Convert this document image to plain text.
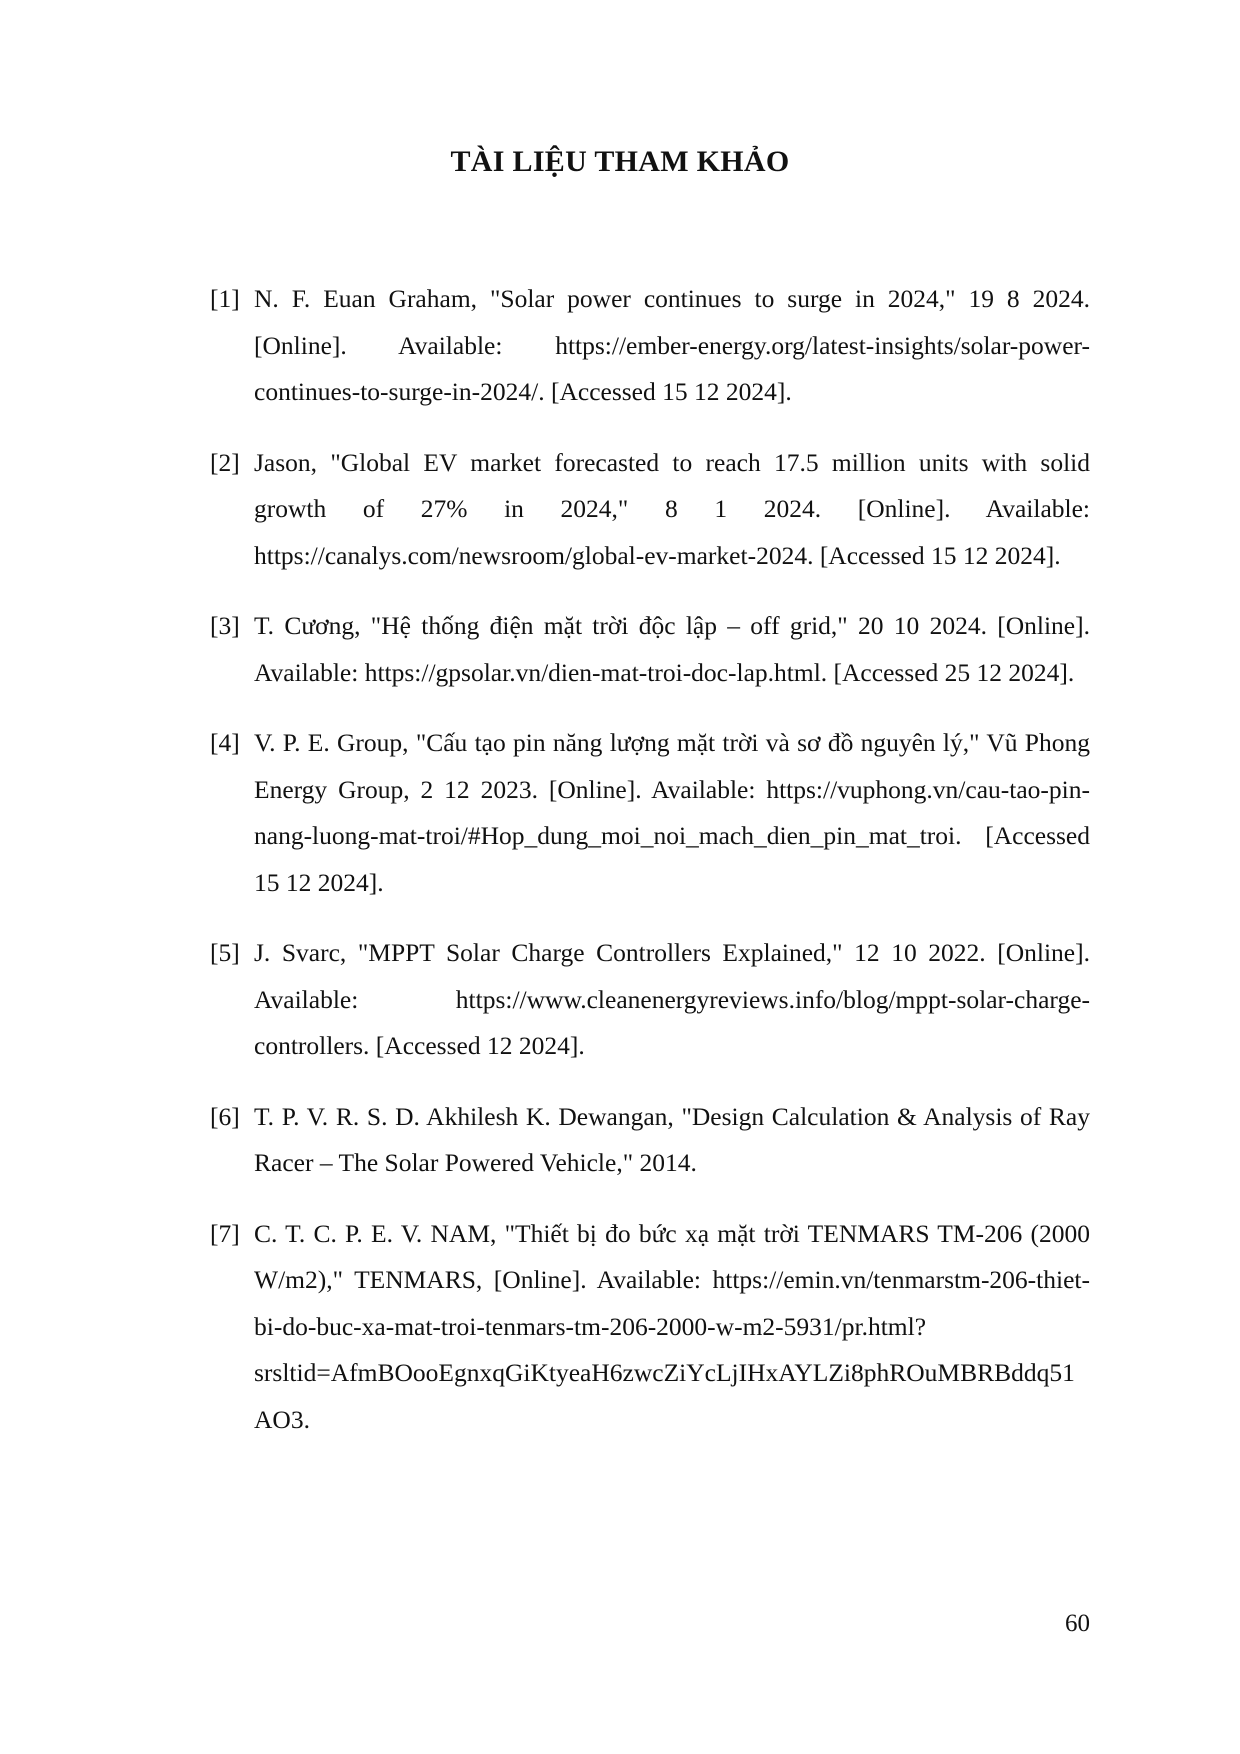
TÀI LIỆU THAM KHẢO
[1] N. F. Euan Graham, "Solar power continues to surge in 2024," 19 8 2024. [Online]. Available: https://ember-energy.org/latest-insights/solar-power-continues-to-surge-in-2024/. [Accessed 15 12 2024].
[2] Jason, "Global EV market forecasted to reach 17.5 million units with solid growth of 27% in 2024," 8 1 2024. [Online]. Available: https://canalys.com/newsroom/global-ev-market-2024. [Accessed 15 12 2024].
[3] T. Cương, "Hệ thống điện mặt trời độc lập – off grid," 20 10 2024. [Online]. Available: https://gpsolar.vn/dien-mat-troi-doc-lap.html. [Accessed 25 12 2024].
[4] V. P. E. Group, "Cấu tạo pin năng lượng mặt trời và sơ đồ nguyên lý," Vũ Phong Energy Group, 2 12 2023. [Online]. Available: https://vuphong.vn/cau-tao-pin-nang-luong-mat-troi/#Hop_dung_moi_noi_mach_dien_pin_mat_troi. [Accessed 15 12 2024].
[5] J. Svarc, "MPPT Solar Charge Controllers Explained," 12 10 2022. [Online]. Available: https://www.cleanenergyreviews.info/blog/mppt-solar-charge-controllers. [Accessed 12 2024].
[6] T. P. V. R. S. D. Akhilesh K. Dewangan, "Design Calculation & Analysis of Ray Racer – The Solar Powered Vehicle," 2014.
[7] C. T. C. P. E. V. NAM, "Thiết bị đo bức xạ mặt trời TENMARS TM-206 (2000 W/m2)," TENMARS, [Online]. Available: https://emin.vn/tenmarstm-206-thiet-bi-do-buc-xa-mat-troi-tenmars-tm-206-2000-w-m2-5931/pr.html?srsltid=AfmBOooEgnxqGiKtyeaH6zwcZiYcLjIHxAYLZi8phROuMBRBddq51AO3.
60
